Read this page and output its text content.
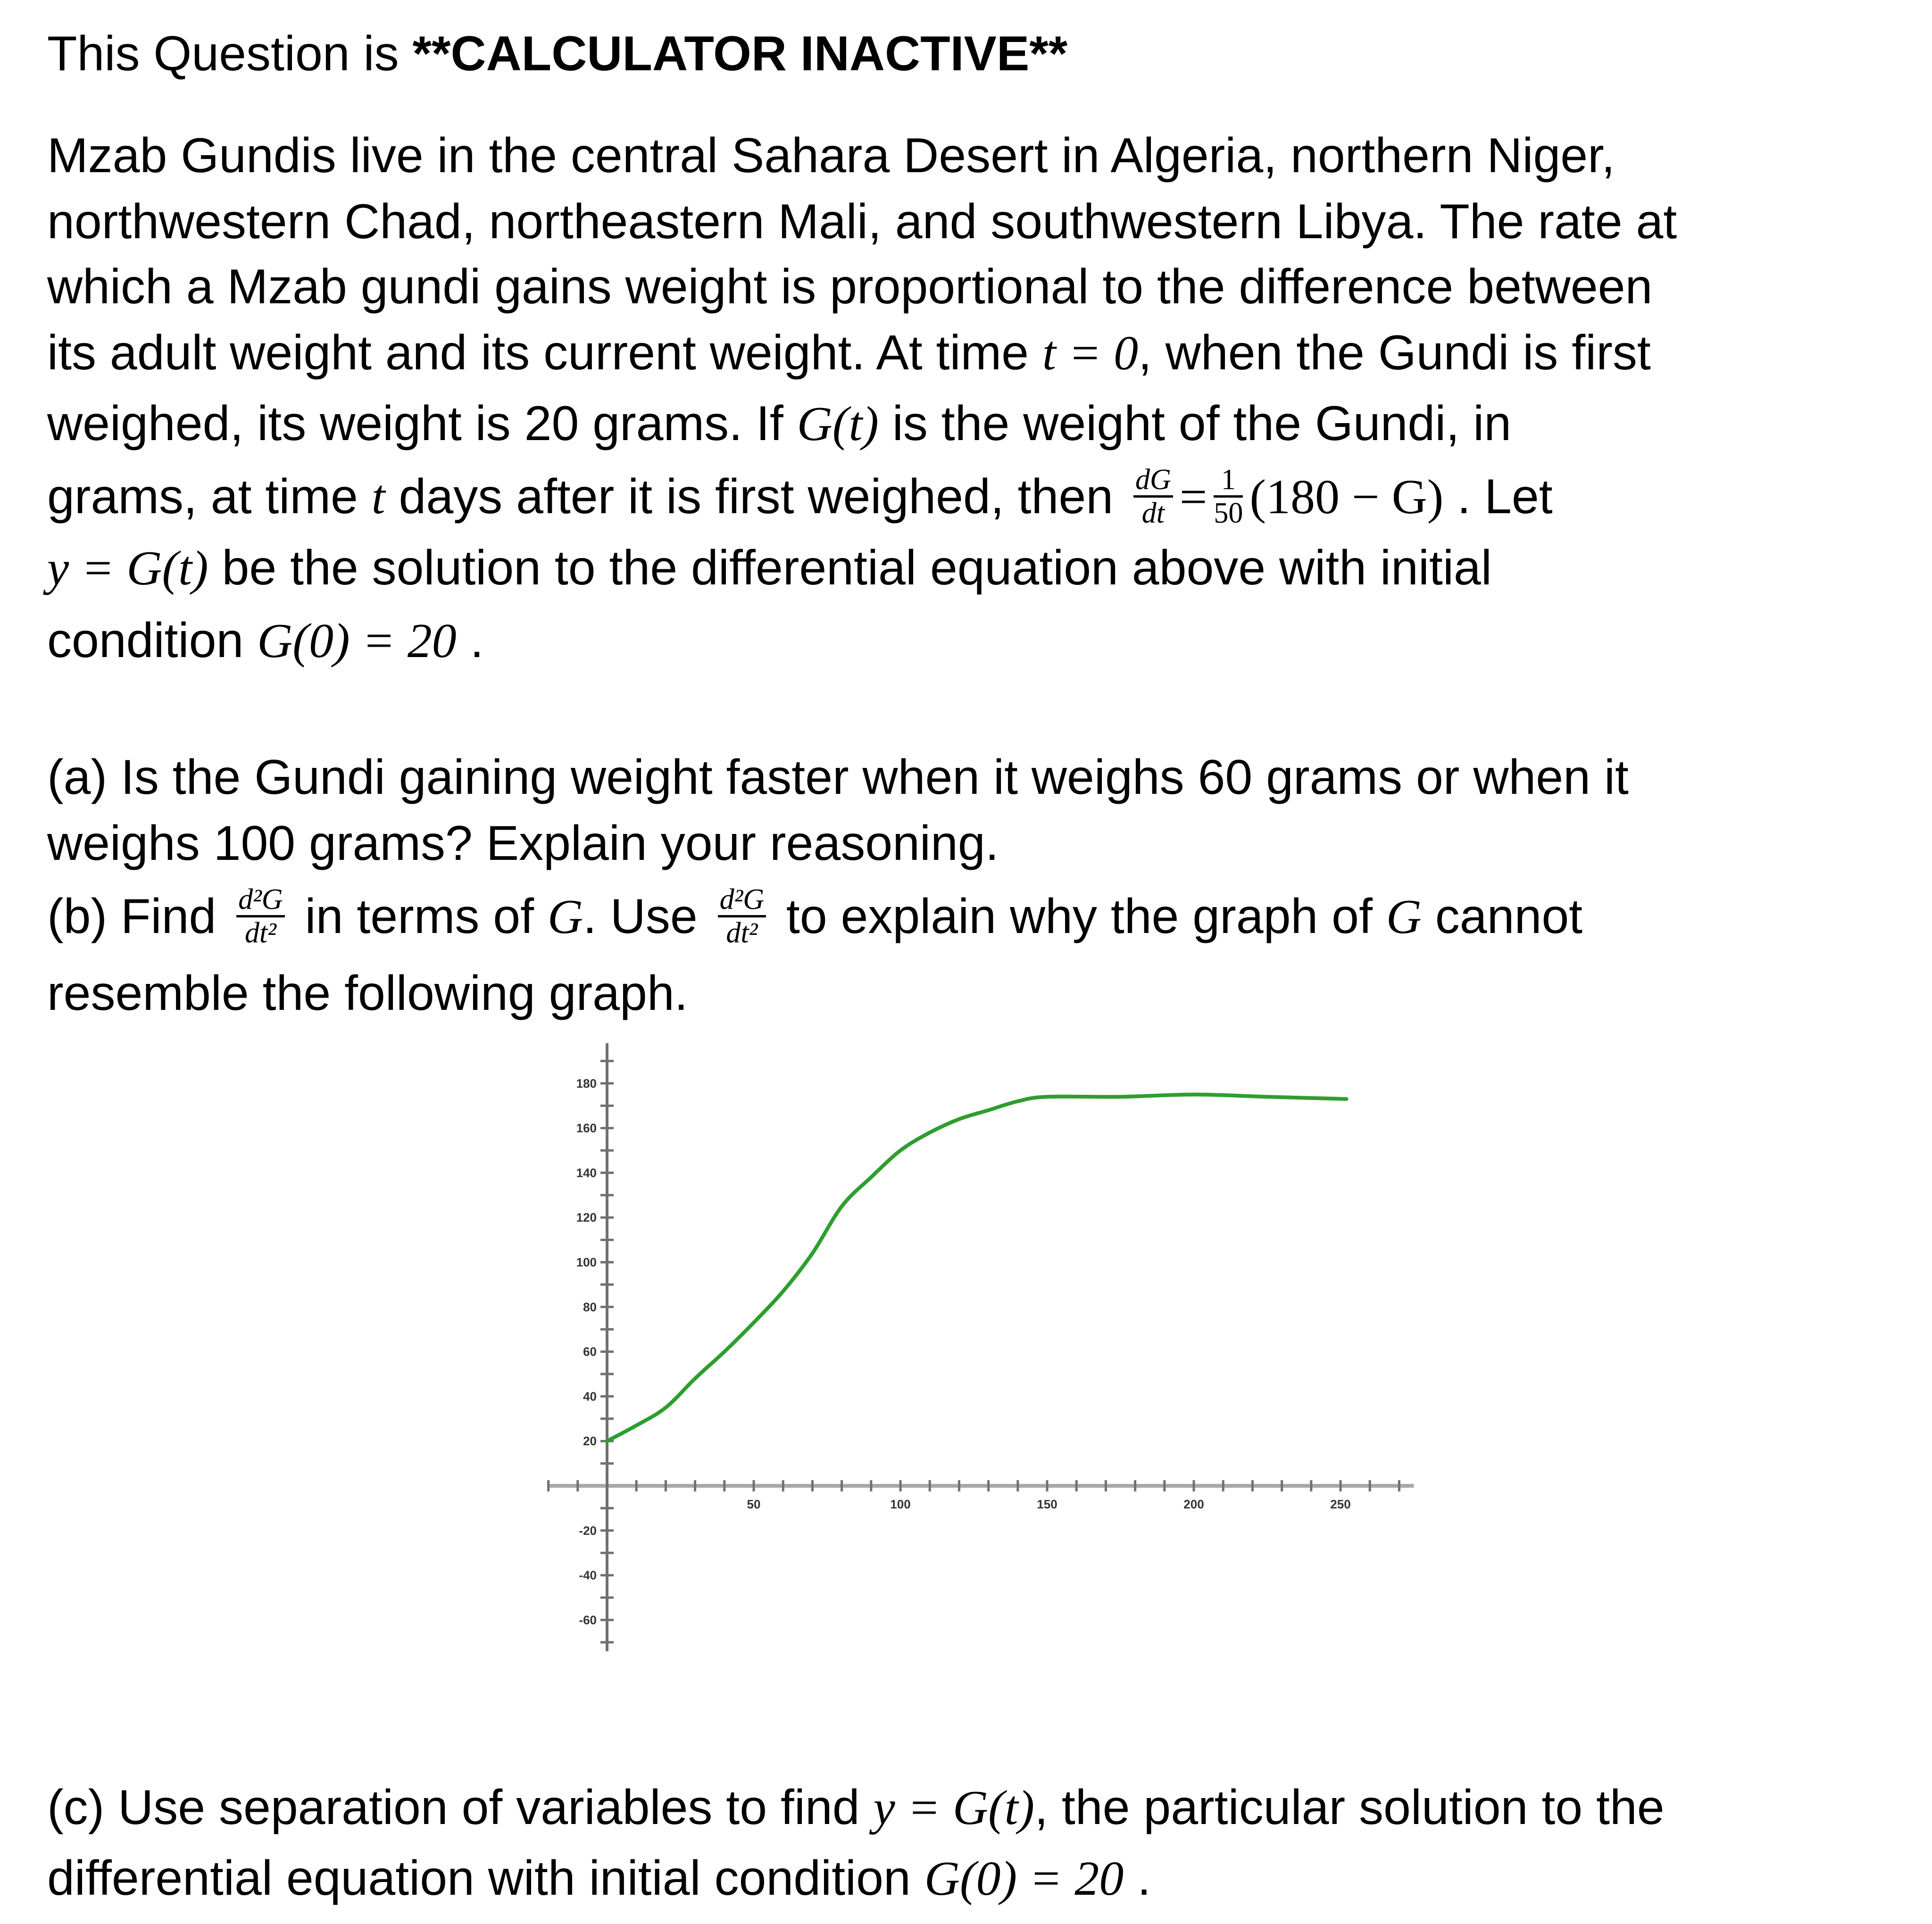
This Question is **CALCULATOR INACTIVE**
Mzab Gundis live in the central Sahara Desert in Algeria, northern Niger,
northwestern Chad, northeastern Mali, and southwestern Libya. The rate at
which a Mzab gundi gains weight is proportional to the difference between
its adult weight and its current weight. At time t = 0, when the Gundi is first
weighed, its weight is 20 grams. If G(t) is the weight of the Gundi, in
grams, at time t days after it is first weighed, then $\frac{dG}{dt} = \frac{1}{50} (180 - G)$ . Let
y = G(t) be the solution to the differential equation above with initial
condition G(0) = 20 .
(a) Is the Gundi gaining weight faster when it weighs 60 grams or when it
weighs 100 grams? Explain your reasoning.
(b) Find $\frac{\text{d²G}}{\text{dt²}}$ in terms of G. Use $\frac{\text{d²G}}{\text{dt²}}$ to explain why the graph of G cannot
resemble the following graph.
50	100	150	200	250
-60
-40
-20
20
40
60
80
100
120
140
160
180
(c) Use separation of variables to find y = G(t), the particular solution to the
differential equation with initial condition G(0) = 20 .
